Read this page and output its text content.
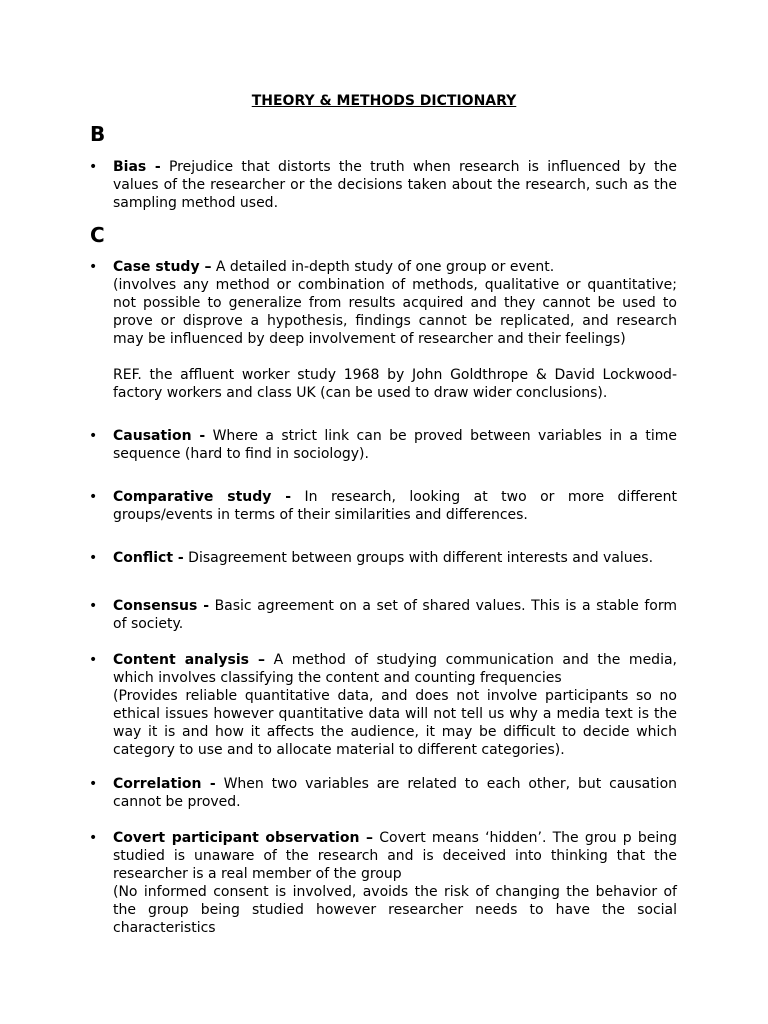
THEORY & METHODS DICTIONARY
B
• Bias - Prejudice that distorts the truth when research is influenced by the values of the researcher or the decisions taken about the research, such as the sampling method used.

C
• Case study – A detailed in-depth study of one group or event.

(involves any method or combination of methods, qualitative or quantitative; not possible to generalize from results acquired and they cannot be used to prove or disprove a hypothesis, findings cannot be replicated, and research may be influenced by deep involvement of researcher and their feelings)

REF. the affluent worker study 1968 by John Goldthrope & David Lockwood- factory workers and class UK (can be used to draw wider conclusions).

• Causation - Where a strict link can be proved between variables in a time sequence (hard to find in sociology).

• Comparative study - In research, looking at two or more different groups/events in terms of their similarities and differences.

• Conflict - Disagreement between groups with different interests and values.

• Consensus - Basic agreement on a set of shared values. This is a stable form of society.

• Content analysis – A method of studying communication and the media, which involves classifying the content and counting frequencies

(Provides reliable quantitative data, and does not involve participants so no ethical issues however quantitative data will not tell us why a media text is the way it is and how it affects the audience, it may be difficult to decide which category to use and to allocate material to different categories).

• Correlation - When two variables are related to each other, but causation cannot be proved.

• Covert participant observation – Covert means ‘hidden’. The grou p being studied is unaware of the research and is deceived into thinking that the researcher is a real member of the group

(No informed consent is involved, avoids the risk of changing the behavior of the group being studied however researcher needs to have the social characteristics
